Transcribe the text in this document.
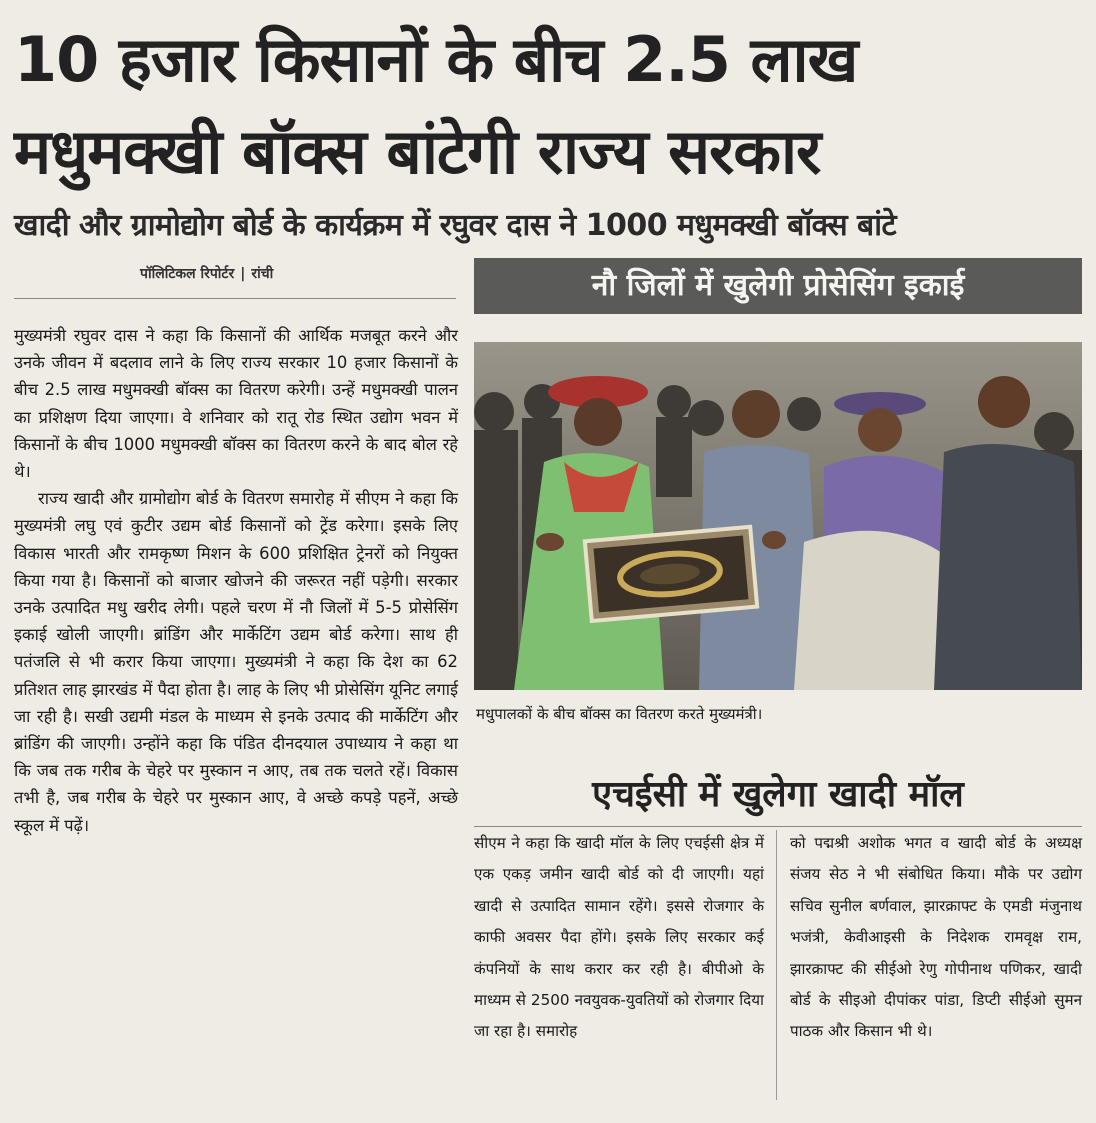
10 हजार किसानों के बीच 2.5 लाख
मधुमक्खी बॉक्स बांटेगी राज्य सरकार
खादी और ग्रामोद्योग बोर्ड के कार्यक्रम में रघुवर दास ने 1000 मधुमक्खी बॉक्स बांटे
पॉलिटिकल रिपोर्टर | रांची

मुख्यमंत्री रघुवर दास ने कहा कि किसानों की आर्थिक मजबूत करने और उनके जीवन में बदलाव लाने के लिए राज्य सरकार 10 हजार किसानों के बीच 2.5 लाख मधुमक्खी बॉक्स का वितरण करेगी। उन्हें मधुमक्खी पालन का प्रशिक्षण दिया जाएगा। वे शनिवार को रातू रोड स्थित उद्योग भवन में किसानों के बीच 1000 मधुमक्खी बॉक्स का वितरण करने के बाद बोल रहे थे।

राज्य खादी और ग्रामोद्योग बोर्ड के वितरण समारोह में सीएम ने कहा कि मुख्यमंत्री लघु एवं कुटीर उद्यम बोर्ड किसानों को ट्रेंड करेगा। इसके लिए विकास भारती और रामकृष्ण मिशन के 600 प्रशिक्षित ट्रेनरों को नियुक्त किया गया है। किसानों को बाजार खोजने की जरूरत नहीं पड़ेगी। सरकार उनके उत्पादित मधु खरीद लेगी। पहले चरण में नौ जिलों में 5-5 प्रोसेसिंग इकाई खोली जाएगी। ब्रांडिंग और मार्केटिंग उद्यम बोर्ड करेगा। साथ ही पतंजलि से भी करार किया जाएगा। मुख्यमंत्री ने कहा कि देश का 62 प्रतिशत लाह झारखंड में पैदा होता है। लाह के लिए भी प्रोसेसिंग यूनिट लगाई जा रही है। सखी उद्यमी मंडल के माध्यम से इनके उत्पाद की मार्केटिंग और ब्रांडिंग की जाएगी। उन्होंने कहा कि पंडित दीनदयाल उपाध्याय ने कहा था कि जब तक गरीब के चेहरे पर मुस्कान न आए, तब तक चलते रहें। विकास तभी है, जब गरीब के चेहरे पर मुस्कान आए, वे अच्छे कपड़े पहनें, अच्छे स्कूल में पढ़ें।

नौ जिलों में खुलेगी प्रोसेसिंग इकाई
मधुपालकों के बीच बॉक्स का वितरण करते मुख्यमंत्री।
एचईसी में खुलेगा खादी मॉल

सीएम ने कहा कि खादी मॉल के लिए एचईसी क्षेत्र में एक एकड़ जमीन खादी बोर्ड को दी जाएगी। यहां खादी से उत्पादित सामान रहेंगे। इससे रोजगार के काफी अवसर पैदा होंगे। इसके लिए सरकार कई कंपनियों के साथ करार कर रही है। बीपीओ के माध्यम से 2500 नवयुवक-युवतियों को रोजगार दिया जा रहा है। समारोह

को पद्मश्री अशोक भगत व खादी बोर्ड के अध्यक्ष संजय सेठ ने भी संबोधित किया। मौके पर उद्योग सचिव सुनील बर्णवाल, झारक्राफ्ट के एमडी मंजुनाथ भजंत्री, केवीआइसी के निदेशक रामवृक्ष राम, झारक्राफ्ट की सीईओ रेणु गोपीनाथ पणिकर, खादी बोर्ड के सीइओ दीपांकर पांडा, डिप्टी सीईओ सुमन पाठक और किसान भी थे।
